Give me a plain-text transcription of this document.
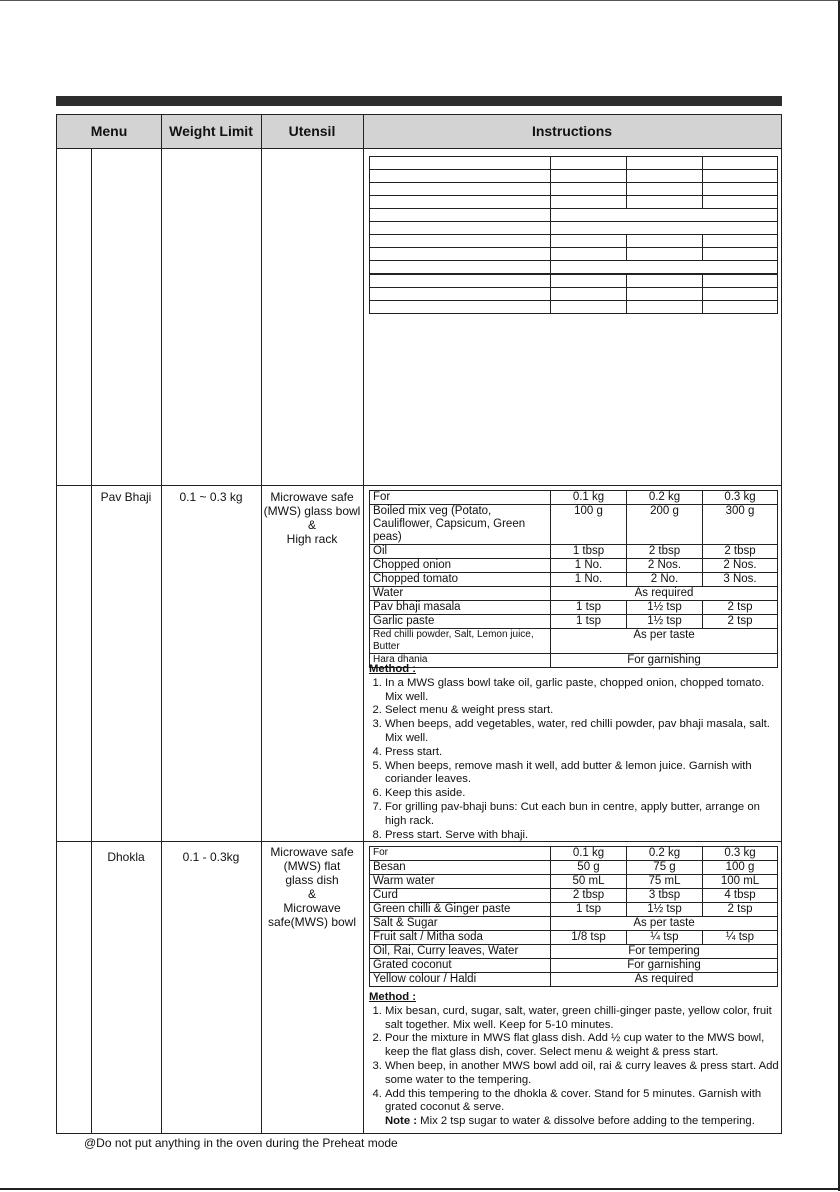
Menu	Weight Limit	Utensil	Instructions

Pav Bhaji	0.1 ~ 0.3 kg	Microwave safe
(MWS) glass bowl
&
High rack
For	0.1 kg	0.2 kg	0.3 kg
Boiled mix veg (Potato, Cauliflower, Capsicum, Green peas)	100 g	200 g	300 g
Oil	1 tbsp	2 tbsp	2 tbsp
Chopped onion	1 No.	2 Nos.	2 Nos.
Chopped tomato	1 No.	2 No.	3 Nos.
Water	As required		
Pav bhaji masala	1 tsp	1½ tsp	2 tsp
Garlic paste	1 tsp	1½ tsp	2 tsp
Red chilli powder, Salt, Lemon juice, Butter	As per taste		
Hara dhania	For garnishing		
Method :
1. In a MWS glass bowl take oil, garlic paste, chopped onion, chopped tomato. Mix well.
2. Select menu & weight press start.
3. When beeps, add vegetables, water, red chilli powder, pav bhaji masala, salt. Mix well.
4. Press start.
5. When beeps, remove mash it well, add butter & lemon juice. Garnish with coriander leaves.
6. Keep this aside.
7. For grilling pav-bhaji buns: Cut each bun in centre, apply butter, arrange on high rack.
8. Press start. Serve with bhaji.
Dhokla	0.1 - 0.3kg	Microwave safe
(MWS) flat
glass dish
&
Microwave
safe(MWS) bowl
For	0.1 kg	0.2 kg	0.3 kg
Besan	50 g	75 g	100 g
Warm water	50 mL	75 mL	100 mL
Curd	2 tbsp	3 tbsp	4 tbsp
Green chilli & Ginger paste	1 tsp	1½ tsp	2 tsp
Salt & Sugar	As per taste		
Fruit salt / Mitha soda	1/8 tsp	¼ tsp	¼ tsp
Oil, Rai, Curry leaves, Water	For tempering		
Grated coconut	For garnishing		
Yellow colour / Haldi	As required		
Method :
1. Mix besan, curd, sugar, salt, water, green chilli-ginger paste, yellow color, fruit salt together. Mix well. Keep for 5-10 minutes.
2. Pour the mixture in MWS flat glass dish. Add ½ cup water to the MWS bowl, keep the flat glass dish, cover. Select menu & weight & press start.
3. When beep, in another MWS bowl add oil, rai & curry leaves & press start. Add some water to the tempering.
4. Add this tempering to the dhokla & cover. Stand for 5 minutes. Garnish with grated coconut & serve.
Note : Mix 2 tsp sugar to water & dissolve before adding to the tempering.
@Do not put anything in the oven during the Preheat mode
